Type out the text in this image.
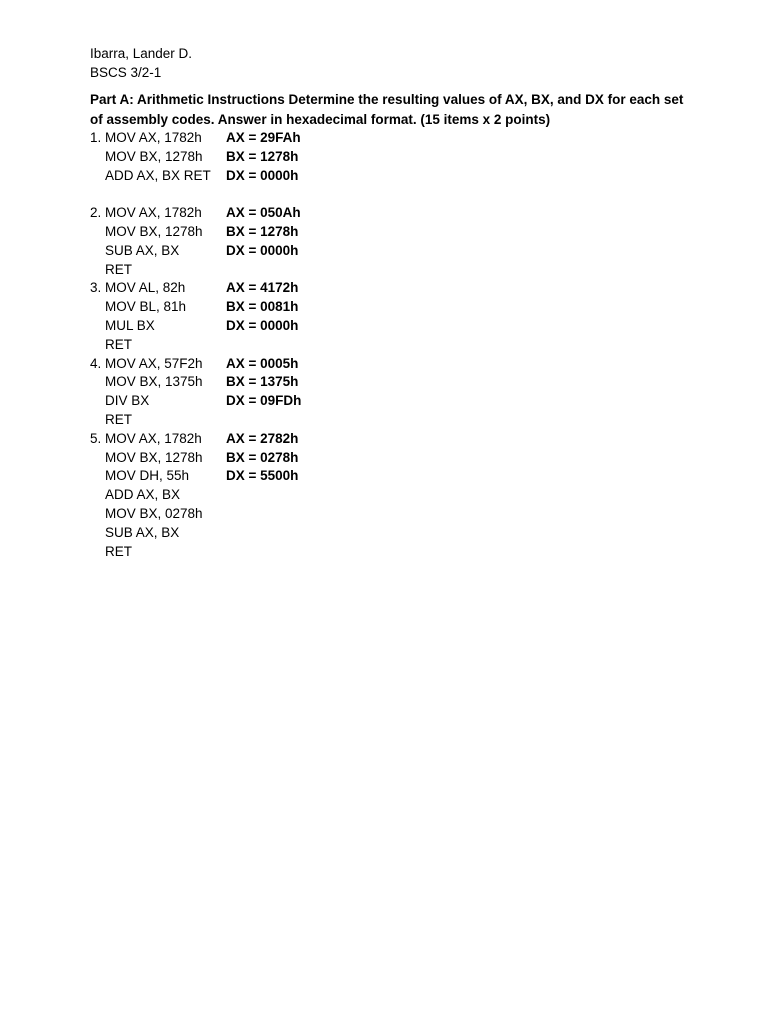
Ibarra, Lander D.
BSCS 3/2-1
Part A: Arithmetic Instructions Determine the resulting values of AX, BX, and DX for each set of assembly codes. Answer in hexadecimal format. (15 items x 2 points)
1. MOV AX, 1782h	AX = 29FAh
MOV BX, 1278h	BX = 1278h
ADD AX, BX RET	DX = 0000h
2. MOV AX, 1782h	AX = 050Ah
MOV BX, 1278h	BX = 1278h
SUB AX, BX	DX = 0000h
RET
3. MOV AL, 82h	AX = 4172h
MOV BL, 81h	BX = 0081h
MUL BX	DX = 0000h
RET
4. MOV AX, 57F2h	AX = 0005h
MOV BX, 1375h	BX = 1375h
DIV BX	DX = 09FDh
RET
5. MOV AX, 1782h	AX = 2782h
MOV BX, 1278h	BX = 0278h
MOV DH, 55h	DX = 5500h
ADD AX, BX
MOV BX, 0278h
SUB AX, BX
RET
